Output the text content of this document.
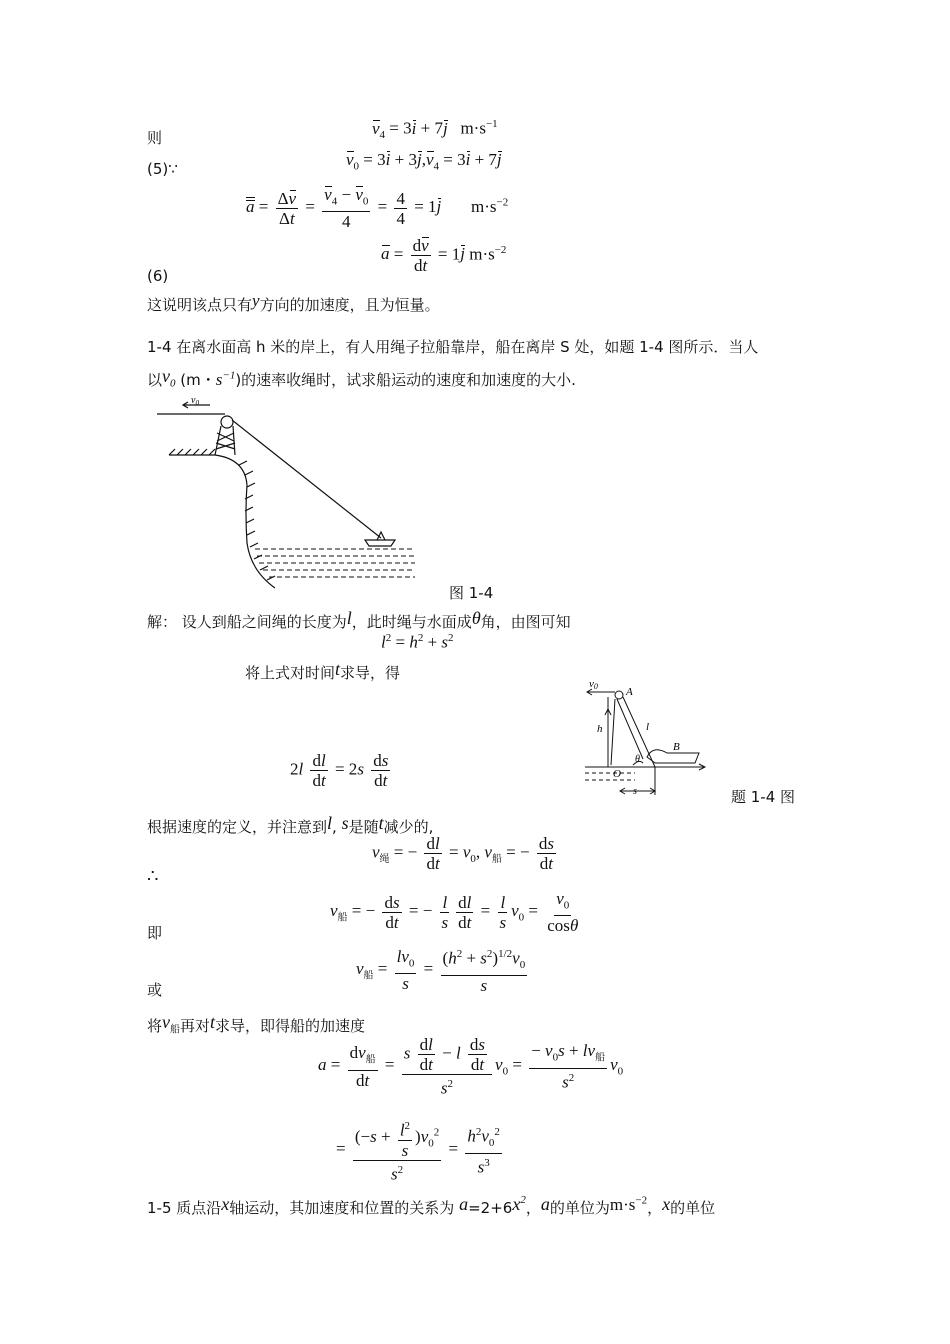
则
$v_4 = 3i + 7j$   $m\cdot s^{-1}$
(5)∵	$v_0 = 3i + 3j,v_4 = 3i + 7j$
$a = \frac{\Delta v}{\Delta t} = \frac{v_4 - v_0}{4} = \frac{4}{4} = 1j$       $m\cdot s^{-2}$
$a = \frac{dv}{dt} = 1j$ $m\cdot s^{-2}$
(6)
这说明该点只有y方向的加速度，且为恒量。
1-4 在离水面高 h 米的岸上，有人用绳子拉船靠岸，船在离岸 S 处，如题 1-4 图所示．当人
以$v_0$ (m・$s^{-1}$)的速率收绳时，试求船运动的速度和加速度的大小.
$v_0$
图 1-4
解： 设人到船之间绳的长度为l，此时绳与水面成θ角，由图可知
$l^2 = h^2 + s^2$
将上式对时间t求导，得
v0	A
h	l
θ
B
O
s	题 1-4 图
$2l \frac{dl}{dt} = 2s \frac{ds}{dt}$
根据速度的定义，并注意到l, s是随t减少的,
$v_绳$ = − $\frac{dl}{dt} = v_0$, $v_船$ = − $\frac{ds}{dt}$
∴
$v_船$ = − $\frac{ds}{dt}$ = − $\frac{l}{s} \frac{dl}{dt} = \frac{l}{s} v_0 = \frac{v_0}{\cos\theta}$
即
$v_船 = \frac{lv_0}{s} = \frac{(h^2 + s^2)^{1/2}v_0}{s}$
或
将$v_船$再对t求导，即得船的加速度
$a = \frac{dv_船}{dt} = \frac{s \frac{dl}{dt} - l \frac{ds}{dt}}{s^2} v_0 = \frac{- v_0s + lv_船}{s^2} v_0$
= $\frac{(-s + \frac{l^2}{s} )v_0^2}{s^2} = \frac{h^2v_0^2}{s^3}$
1-5 质点沿x轴运动，其加速度和位置的关系为 $a=2+6x^2$，a的单位为$m\cdot s^{-2}$，x的单位
